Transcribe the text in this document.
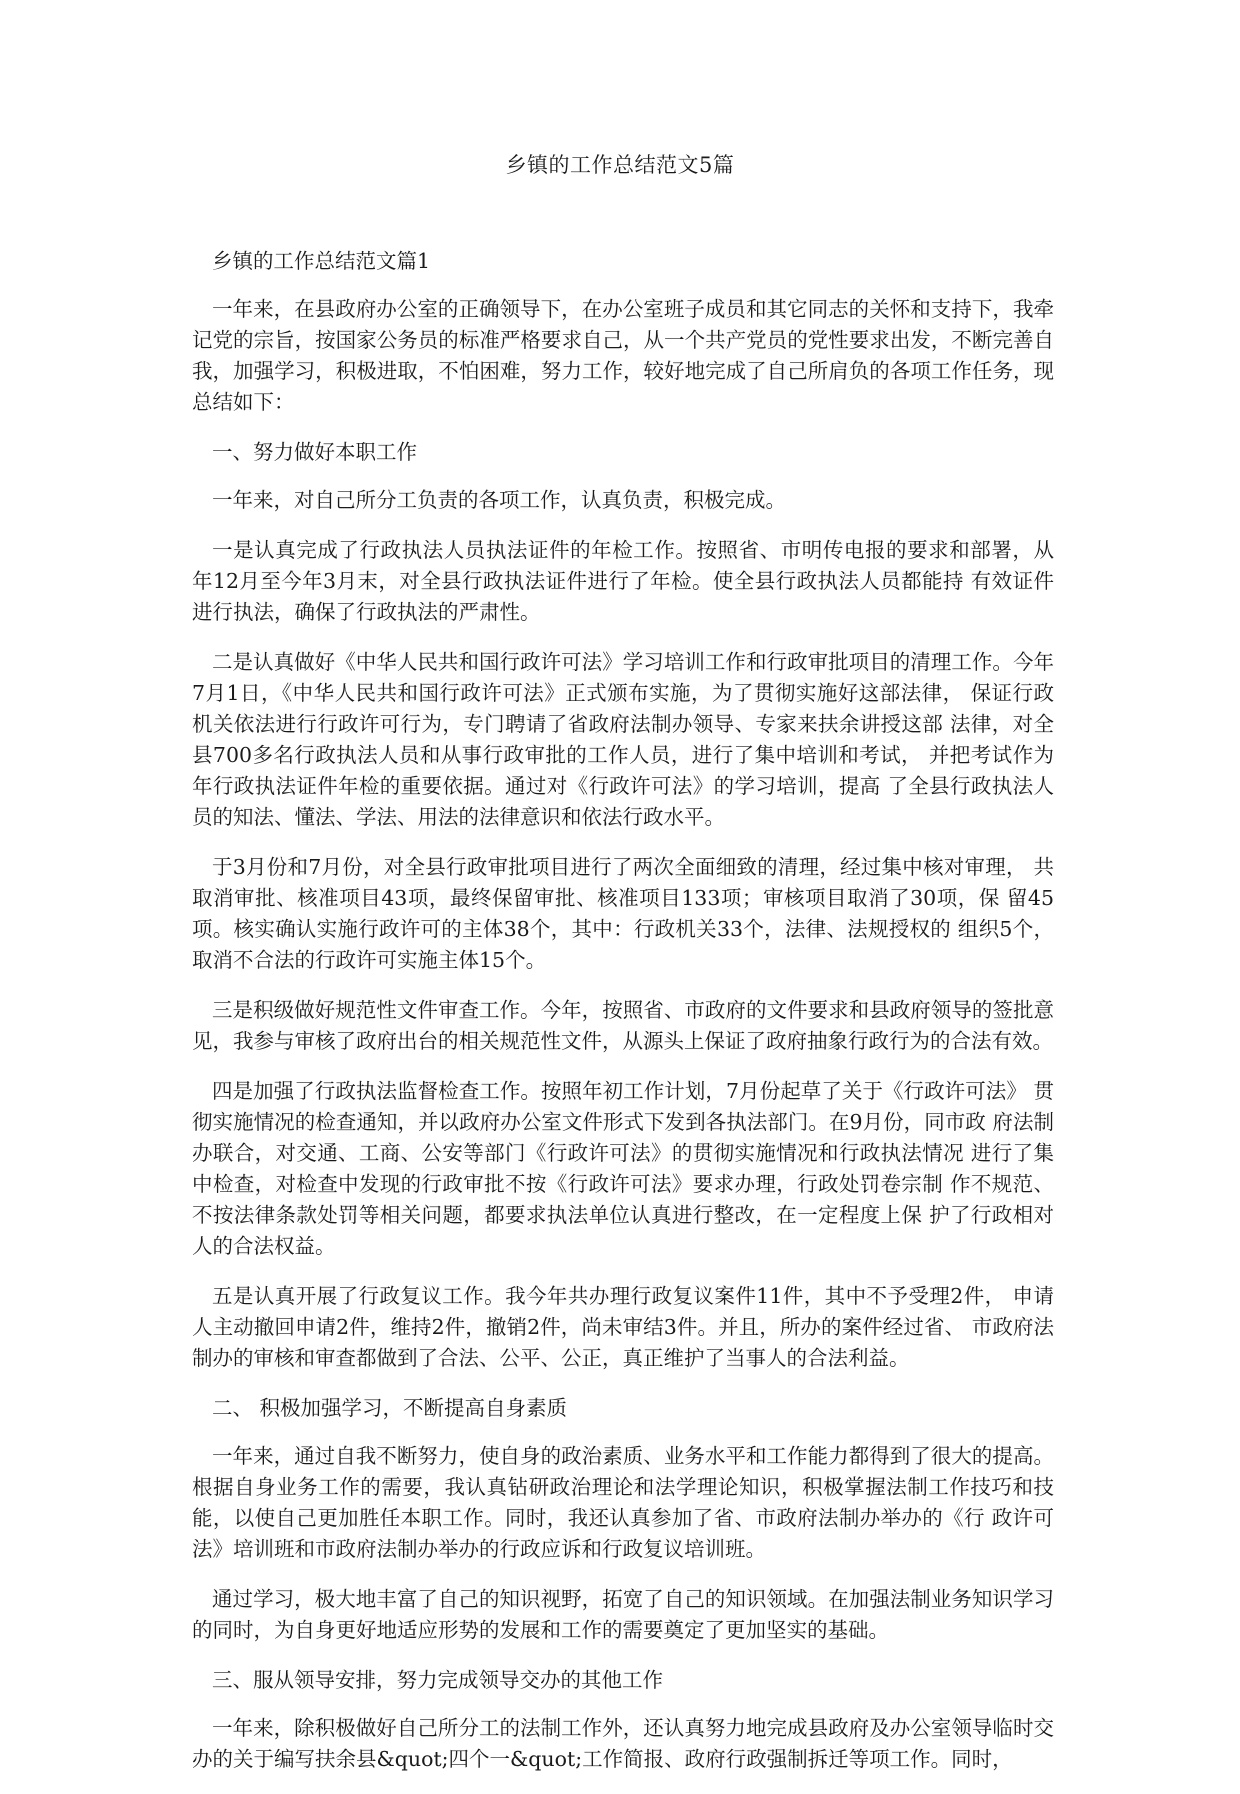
乡镇的工作总结范文5篇

乡镇的工作总结范文篇1

一年来，在县政府办公室的正确领导下，在办公室班子成员和其它同志的关怀和支持下，我牵记党的宗旨，按国家公务员的标准严格要求自己，从一个共产党员的党性要求出发，不断完善自我，加强学习，积极进取，不怕困难，努力工作，较好地完成了自己所肩负的各项工作任务，现总结如下：

一、努力做好本职工作

一年来，对自己所分工负责的各项工作，认真负责，积极完成。

一是认真完成了行政执法人员执法证件的年检工作。按照省、市明传电报的要求和部署，从 年12月至今年3月末，对全县行政执法证件进行了年检。使全县行政执法人员都能持 有效证件进行执法，确保了行政执法的严肃性。

二是认真做好《中华人民共和国行政许可法》学习培训工作和行政审批项目的清理工作。今年7月1日，《中华人民共和国行政许可法》正式颁布实施，为了贯彻实施好这部法律， 保证行政机关依法进行行政许可行为，专门聘请了省政府法制办领导、专家来扶余讲授这部 法律，对全县700多名行政执法人员和从事行政审批的工作人员，进行了集中培训和考试， 并把考试作为 年行政执法证件年检的重要依据。通过对《行政许可法》的学习培训，提高 了全县行政执法人员的知法、懂法、学法、用法的法律意识和依法行政水平。

于3月份和7月份，对全县行政审批项目进行了两次全面细致的清理，经过集中核对审理， 共取消审批、核准项目43项，最终保留审批、核准项目133项；审核项目取消了30项，保 留45项。核实确认实施行政许可的主体38个，其中：行政机关33个，法律、法规授权的 组织5个，取消不合法的行政许可实施主体15个。

三是积级做好规范性文件审查工作。今年，按照省、市政府的文件要求和县政府领导的签批意见，我参与审核了政府出台的相关规范性文件，从源头上保证了政府抽象行政行为的合法有效。

四是加强了行政执法监督检查工作。按照年初工作计划，7月份起草了关于《行政许可法》 贯彻实施情况的检查通知，并以政府办公室文件形式下发到各执法部门。在9月份，同市政 府法制办联合，对交通、工商、公安等部门《行政许可法》的贯彻实施情况和行政执法情况 进行了集中检查，对检查中发现的行政审批不按《行政许可法》要求办理，行政处罚卷宗制 作不规范、不按法律条款处罚等相关问题，都要求执法单位认真进行整改，在一定程度上保 护了行政相对人的合法权益。

五是认真开展了行政复议工作。我今年共办理行政复议案件11件，其中不予受理2件， 申请人主动撤回申请2件，维持2件，撤销2件，尚未审结3件。并且，所办的案件经过省、 市政府法制办的审核和审查都做到了合法、公平、公正，真正维护了当事人的合法利益。

二、 积极加强学习，不断提高自身素质

一年来，通过自我不断努力，使自身的政治素质、业务水平和工作能力都得到了很大的提高。根据自身业务工作的需要，我认真钻研政治理论和法学理论知识，积极掌握法制工作技巧和技能，以使自己更加胜任本职工作。同时，我还认真参加了省、市政府法制办举办的《行 政许可法》培训班和市政府法制办举办的行政应诉和行政复议培训班。

通过学习，极大地丰富了自己的知识视野，拓宽了自己的知识领域。在加强法制业务知识学习的同时，为自身更好地适应形势的发展和工作的需要奠定了更加坚实的基础。

三、服从领导安排，努力完成领导交办的其他工作

一年来，除积极做好自己所分工的法制工作外，还认真努力地完成县政府及办公室领导临时交办的关于编写扶余县&quot;四个一&quot;工作简报、政府行政强制拆迁等项工作。同时，
